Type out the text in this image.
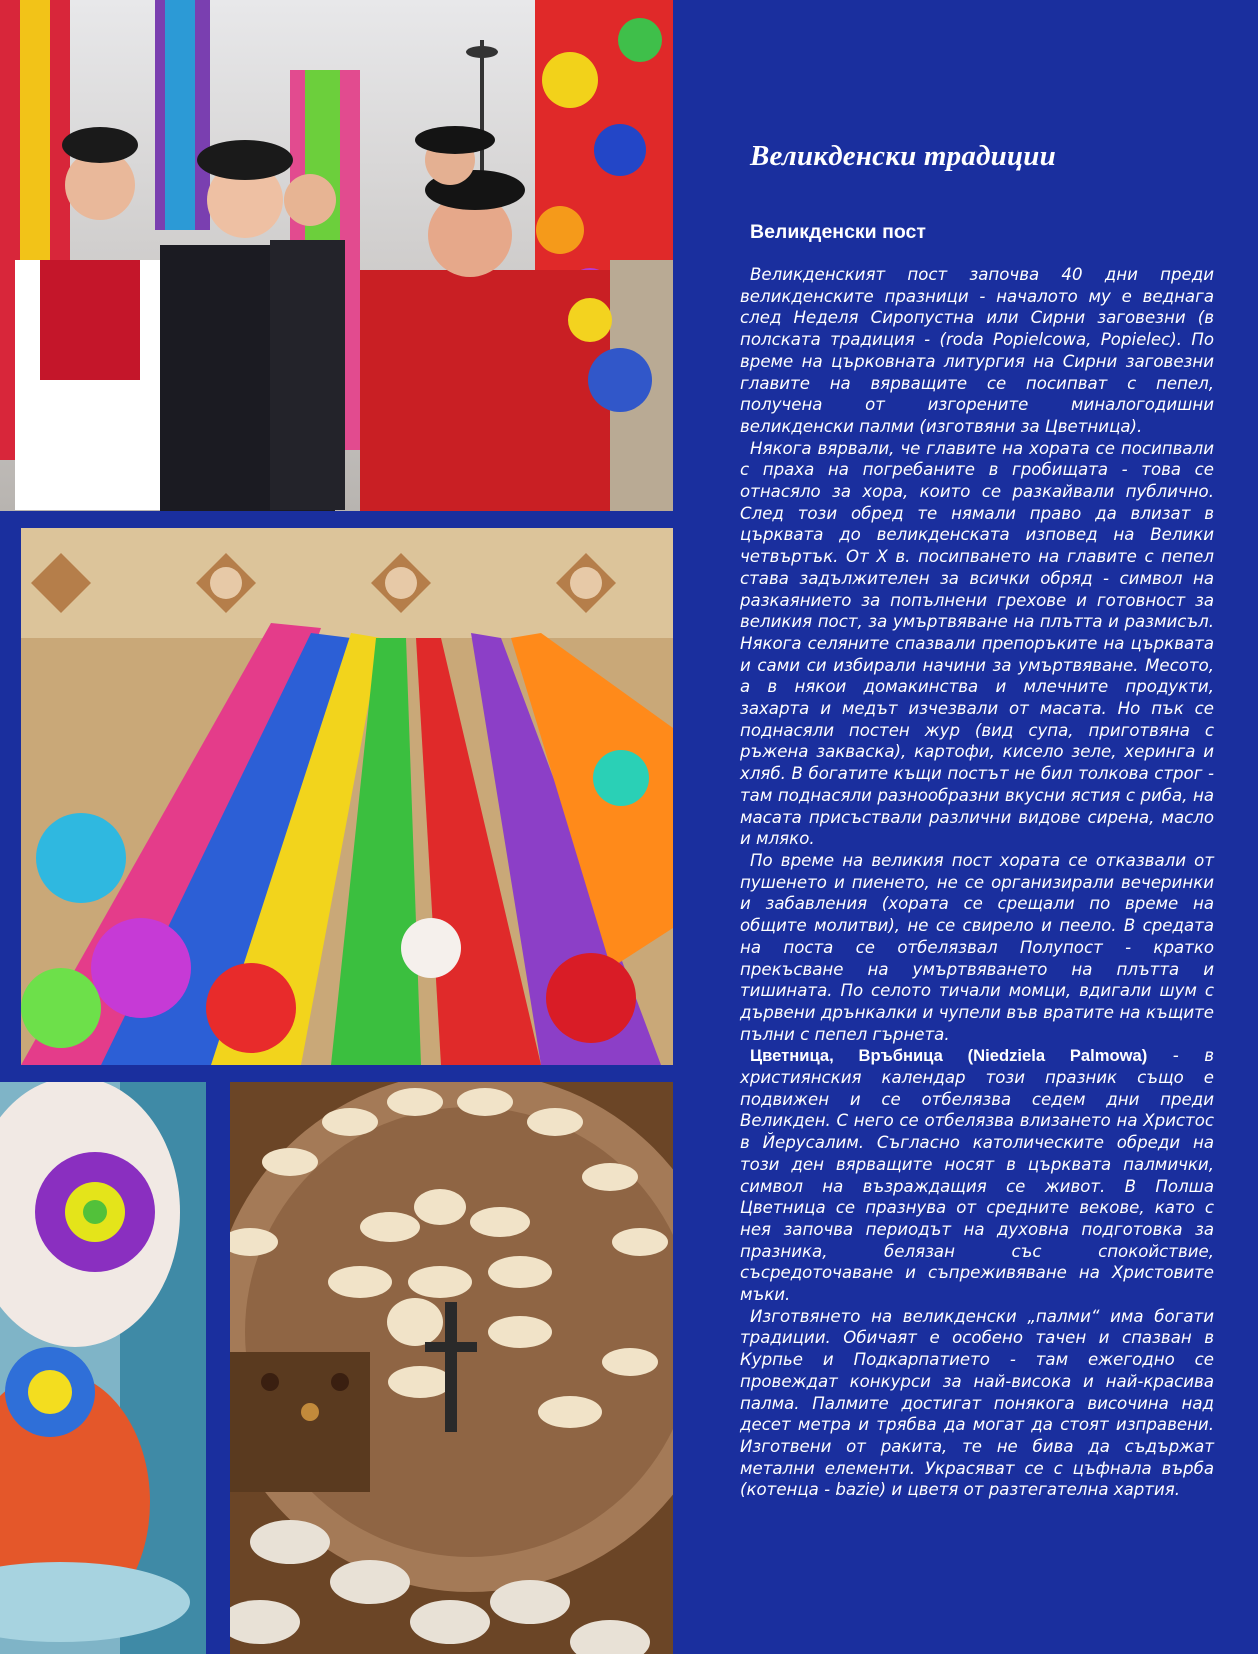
Великденски традиции
Великденски пост

Великденският пост започва 40 дни преди великденските празници - началото му е веднага след Неделя Сиропустна или Сирни заговезни (в полската традиция - (roda Popielcowa, Popielec). По време на църковната литургия на Сирни заговезни главите на вярващите се посипват с пепел, получена от изгорените миналогодишни великденски палми (изготвяни за Цветница).

Някога вярвали, че главите на хората се посипвали с праха на погребаните в гробищата - това се отнасяло за хора, които се разкайвали публично. След този обред те нямали право да влизат в църквата до великденската изповед на Велики четвъртък. От X в. посипването на главите с пепел става задължителен за всички обряд - символ на разкаянието за попълнени грехове и готовност за великия пост, за умъртвяване на плътта и размисъл. Някога селяните спазвали препоръките на църквата и сами си избирали начини за умъртвяване. Месото, а в някои домакинства и млечните продукти, захарта и медът изчезвали от масата. Но пък се поднасяли постен жур (вид супа, приготвяна с ръжена закваска), картофи, кисело зеле, херинга и хляб. В богатите къщи постът не бил толкова строг - там поднасяли разнообразни вкусни ястия с риба, на масата присъствали различни видове сирена, масло и мляко.

По време на великия пост хората се отказвали от пушенето и пиенето, не се организирали вечеринки и забавления (хората се срещали по време на общите молитви), не се свирело и пеело. В средата на поста се отбелязвал Полупост - кратко прекъсване на умъртвяването на плътта и тишината. По селото тичали момци, вдигали шум с дървени дрънкалки и чупели във вратите на къщите пълни с пепел гърнета.

Цветница, Връбница (Niedziela Palmowa) - в християнския календар този празник също е подвижен и се отбелязва седем дни преди Великден. С него се отбелязва влизането на Христос в Йерусалим. Съгласно католическите обреди на този ден вярващите носят в църквата палмички, символ на възраждащия се живот. В Полша Цветница се празнува от средните векове, като с нея започва периодът на духовна подготовка за празника, белязан със спокойствие, съсредоточаване и съпреживяване на Христовите мъки.

Изготвянето на великденски „палми“ има богати традиции. Обичаят е особено тачен и спазван в Курпье и Подкарпатието - там ежегодно се провеждат конкурси за най-висока и най-красива палма. Палмите достигат понякога височина над десет метра и трябва да могат да стоят изправени. Изготвени от ракита, те не бива да съдържат метални елементи. Украсяват се с цъфнала върба (котенца - bazie) и цветя от разтегателна хартия.
